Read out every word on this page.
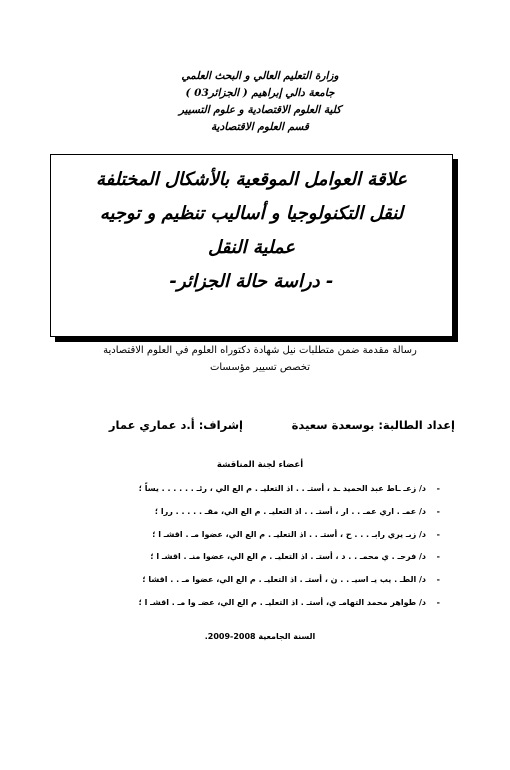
وزارة التعليم العالي و البحث العلمي
جامعة دالي إبراهيم ( الجزائر03 )
كلية العلوم الاقتصادية و علوم التسيير
قسم العلوم الاقتصادية
علاقة العوامل الموقعية بالأشكال المختلفة
لنقل التكنولوجيا و أساليب تنظيم و توجيه
عملية النقل
- دراسة حالة الجزائر-
رسالة مقدمة ضمن متطلبات نيل شهادة دكتوراه العلوم في العلوم الاقتصادية
تخصص تسيير مؤسسات
إعداد الطالبة: بوسعدة سعيدة
إشراف: أ.د عماري عمار
أعضاء لجنة المناقشة
-
د/ زعـ ـاط عبد الحميد ـد ، أستـ . . اذ التعليـ . م الع الي ، رئـ . . . . . . يساً ؛
-
د/ عمـ . اري عمـ . . ار ، أستـ . . اذ التعليـ . م الع الي، مقـ . . . . . ررا ؛
-
د/ زبـ يري رابـ . . . ح ، أستـ . . اذ التعليـ . م الع الي، عضوا مـ . اقشـ ا ؛
-
د/ فرحـ . ي محمـ . . د ، أستـ . اذ التعليـ . م الع الي، عضوا منـ . اقشـ ا ؛
-
د/ الطـ . يب يـ اسيـ . . ن ، أستـ . اذ التعليـ . م الع الي، عضوا مـ . . اقشا ؛
-
د/ طواهر محمد التهامـ ي، أستـ . اذ التعليـ . م الع الي، عضـ وا مـ . اقشـ ا ؛
السنة الجامعية 2008-2009.
